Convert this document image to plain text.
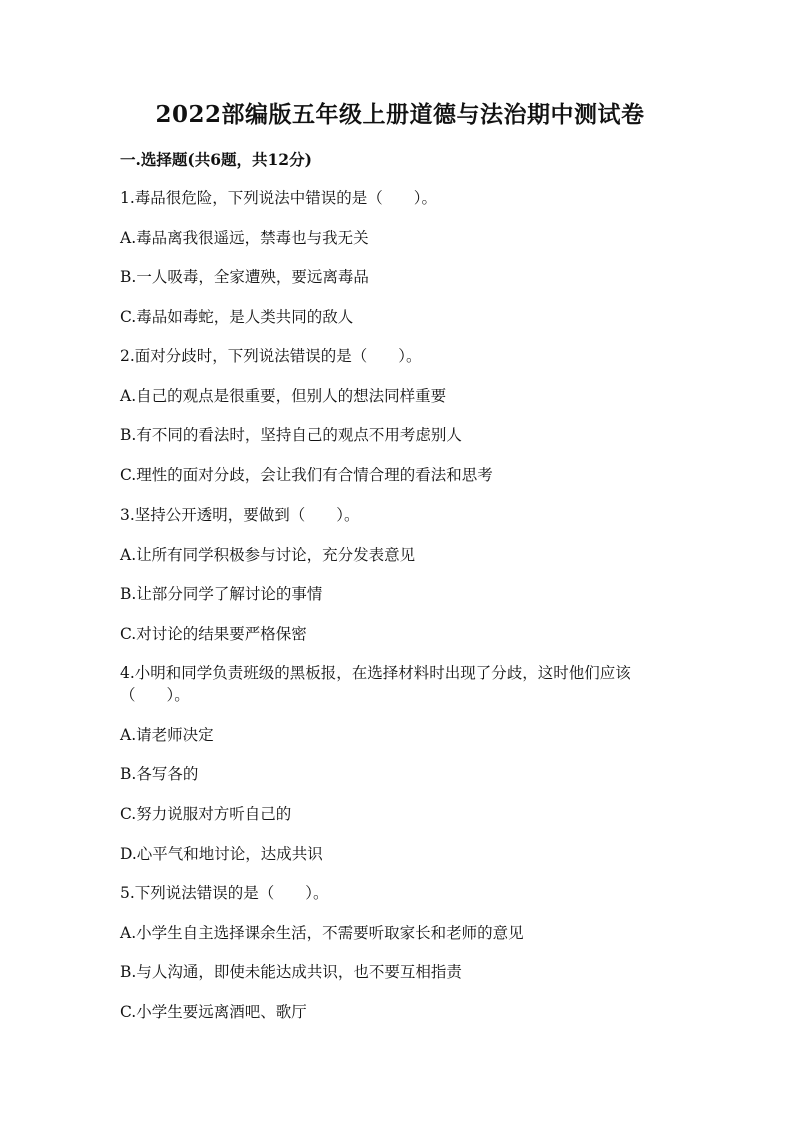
2022部编版五年级上册道德与法治期中测试卷
一.选择题(共6题，共12分)
1.毒品很危险，下列说法中错误的是（　　）。
A.毒品离我很遥远，禁毒也与我无关
B.一人吸毒，全家遭殃，要远离毒品
C.毒品如毒蛇，是人类共同的敌人
2.面对分歧时，下列说法错误的是（　　）。
A.自己的观点是很重要，但别人的想法同样重要
B.有不同的看法时，坚持自己的观点不用考虑别人
C.理性的面对分歧，会让我们有合情合理的看法和思考
3.坚持公开透明，要做到（　　）。
A.让所有同学积极参与讨论，充分发表意见
B.让部分同学了解讨论的事情
C.对讨论的结果要严格保密
4.小明和同学负责班级的黑板报，在选择材料时出现了分歧，这时他们应该（　　）。
A.请老师决定
B.各写各的
C.努力说服对方听自己的
D.心平气和地讨论，达成共识
5.下列说法错误的是（　　）。
A.小学生自主选择课余生活，不需要听取家长和老师的意见
B.与人沟通，即使未能达成共识，也不要互相指责
C.小学生要远离酒吧、歌厅
